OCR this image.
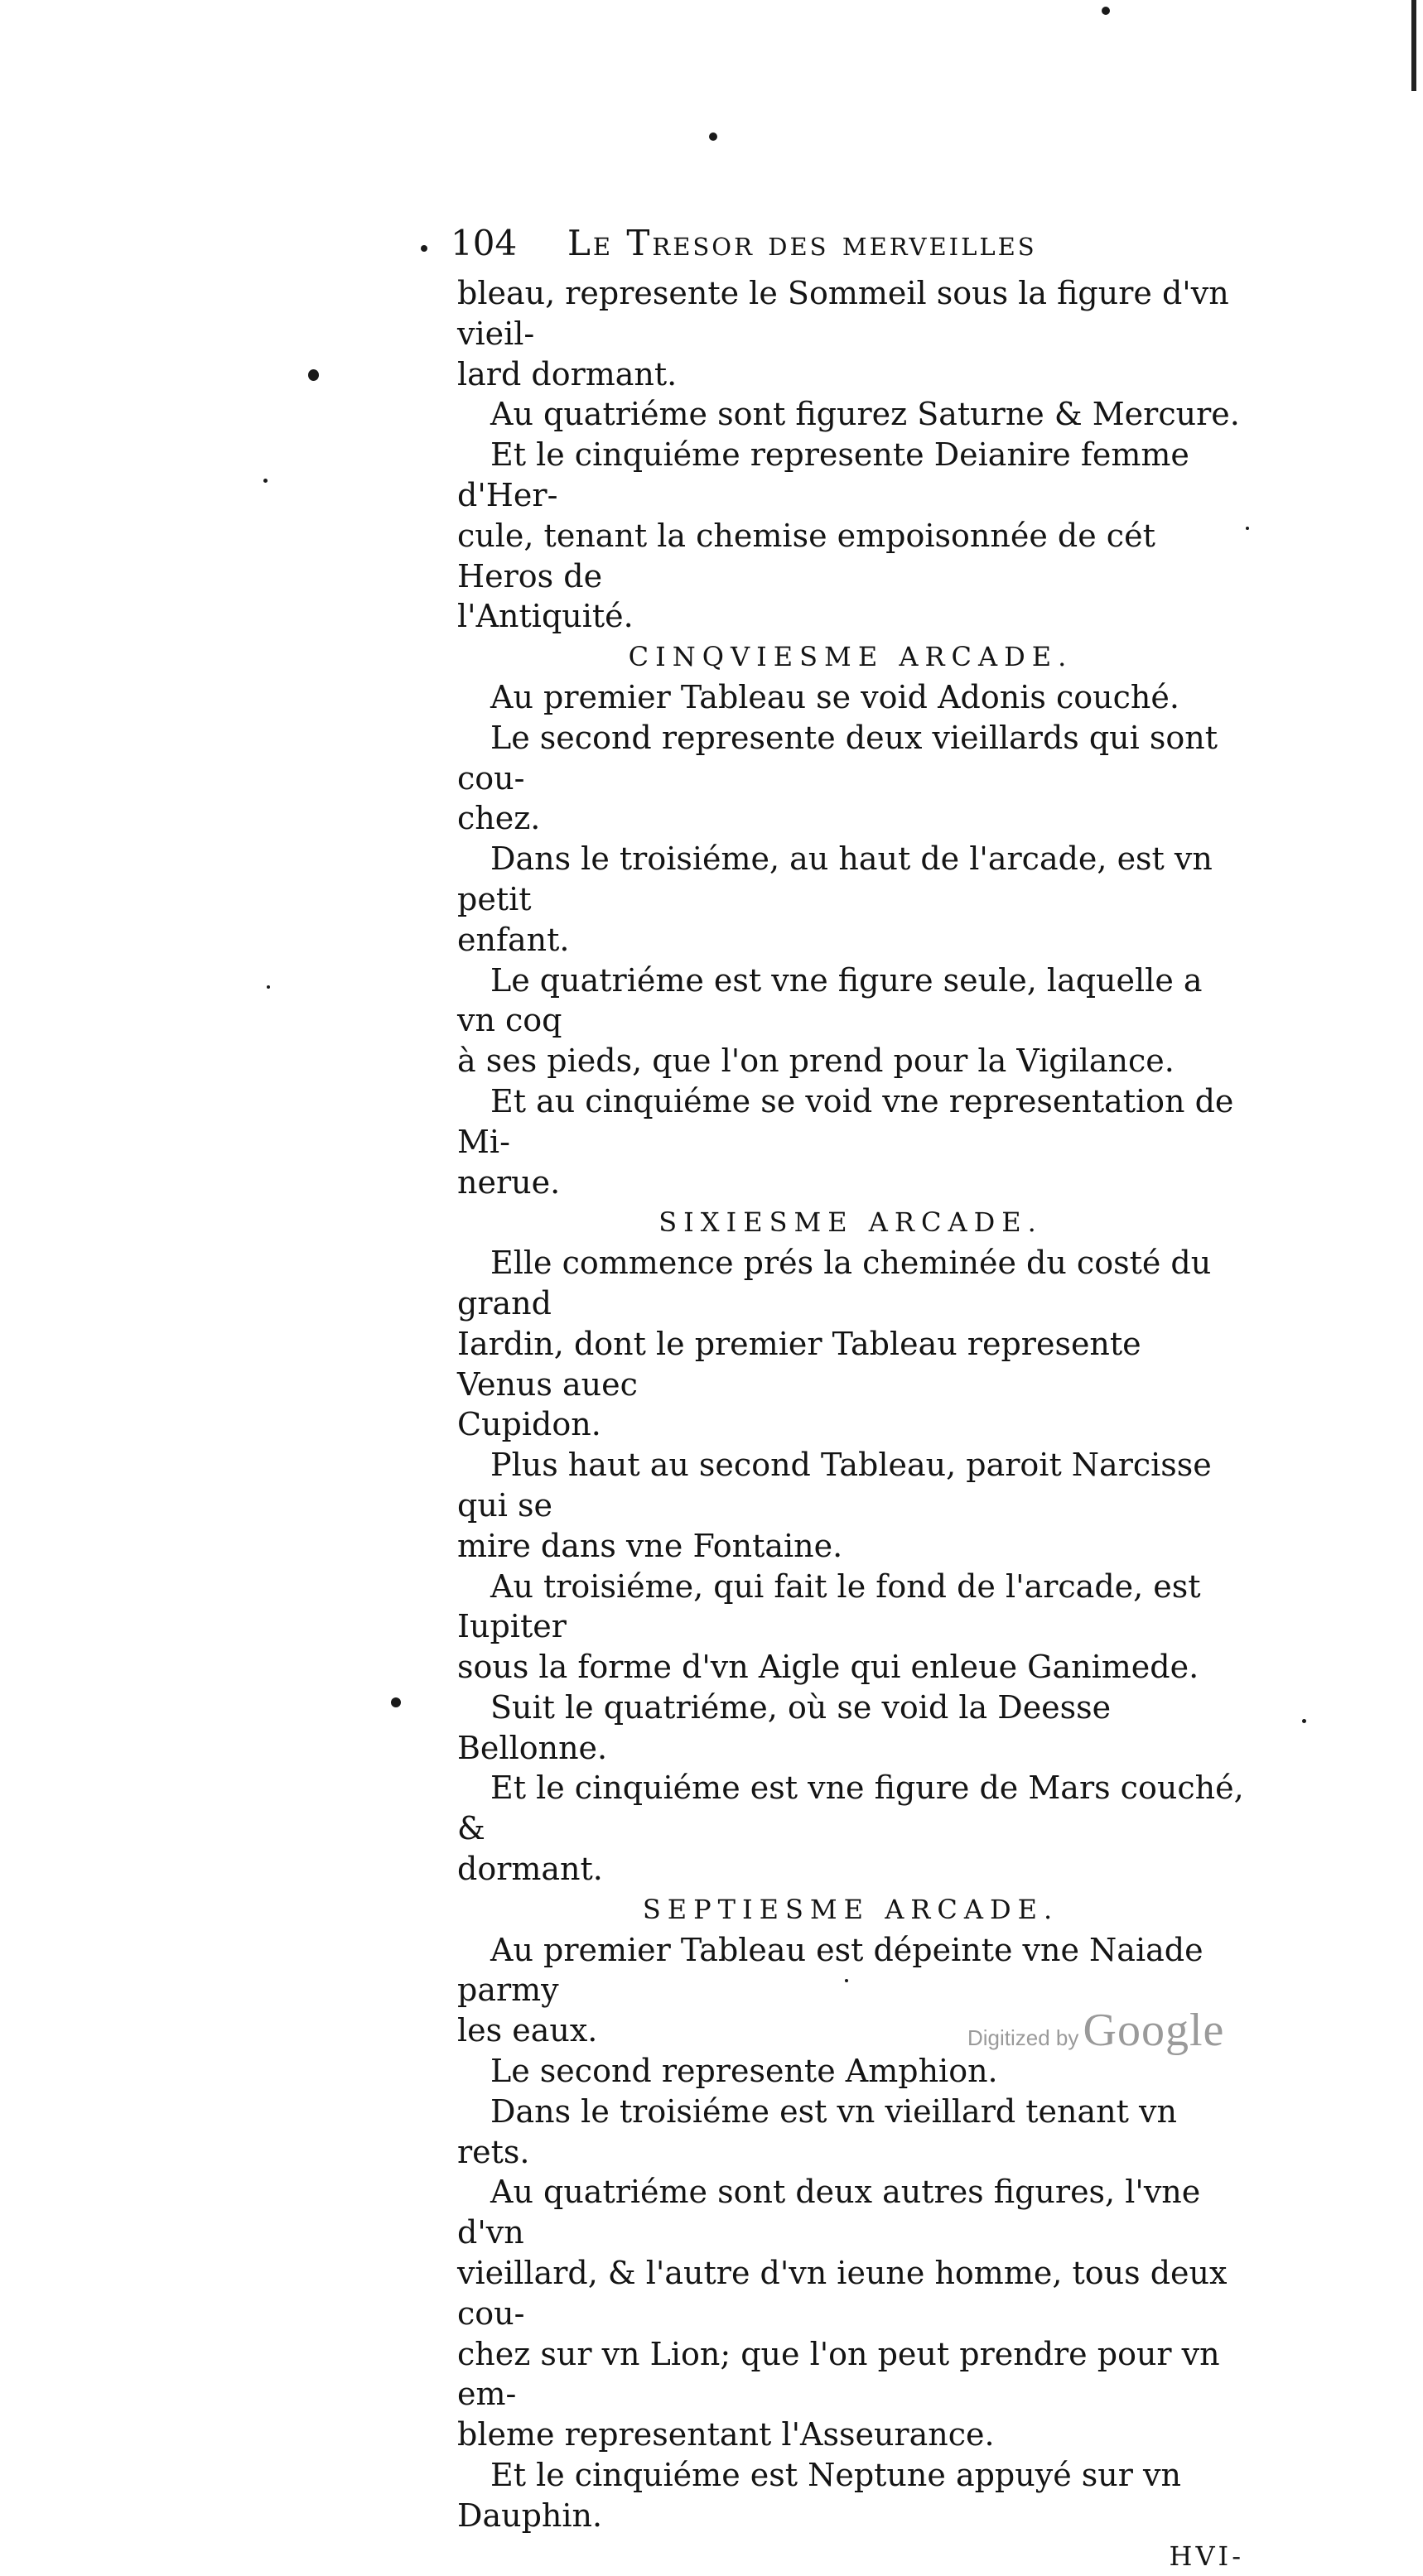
104 Le Tresor des merveilles

bleau, represente le Sommeil sous la figure d'vn vieil-

lard dormant.

Au quatriéme sont figurez Saturne & Mercure.

Et le cinquiéme represente Deianire femme d'Her-

cule, tenant la chemise empoisonnée de cét Heros de

l'Antiquité.

CINQVIESME ARCADE.

Au premier Tableau se void Adonis couché.

Le second represente deux vieillards qui sont cou-

chez.

Dans le troisiéme, au haut de l'arcade, est vn petit

enfant.

Le quatriéme est vne figure seule, laquelle a vn coq

à ses pieds, que l'on prend pour la Vigilance.

Et au cinquiéme se void vne representation de Mi-

nerue.

SIXIESME ARCADE.

Elle commence prés la cheminée du costé du grand

Iardin, dont le premier Tableau represente Venus auec

Cupidon.

Plus haut au second Tableau, paroit Narcisse qui se

mire dans vne Fontaine.

Au troisiéme, qui fait le fond de l'arcade, est Iupiter

sous la forme d'vn Aigle qui enleue Ganimede.

Suit le quatriéme, où se void la Deesse Bellonne.

Et le cinquiéme est vne figure de Mars couché, &

dormant.

SEPTIESME ARCADE.

Au premier Tableau est dépeinte vne Naiade parmy

les eaux.

Le second represente Amphion.

Dans le troisiéme est vn vieillard tenant vn rets.

Au quatriéme sont deux autres figures, l'vne d'vn

vieillard, & l'autre d'vn ieune homme, tous deux cou-

chez sur vn Lion; que l'on peut prendre pour vn em-

bleme representant l'Asseurance.

Et le cinquiéme est Neptune appuyé sur vn Dauphin.

HVI-

Digitized by Google
